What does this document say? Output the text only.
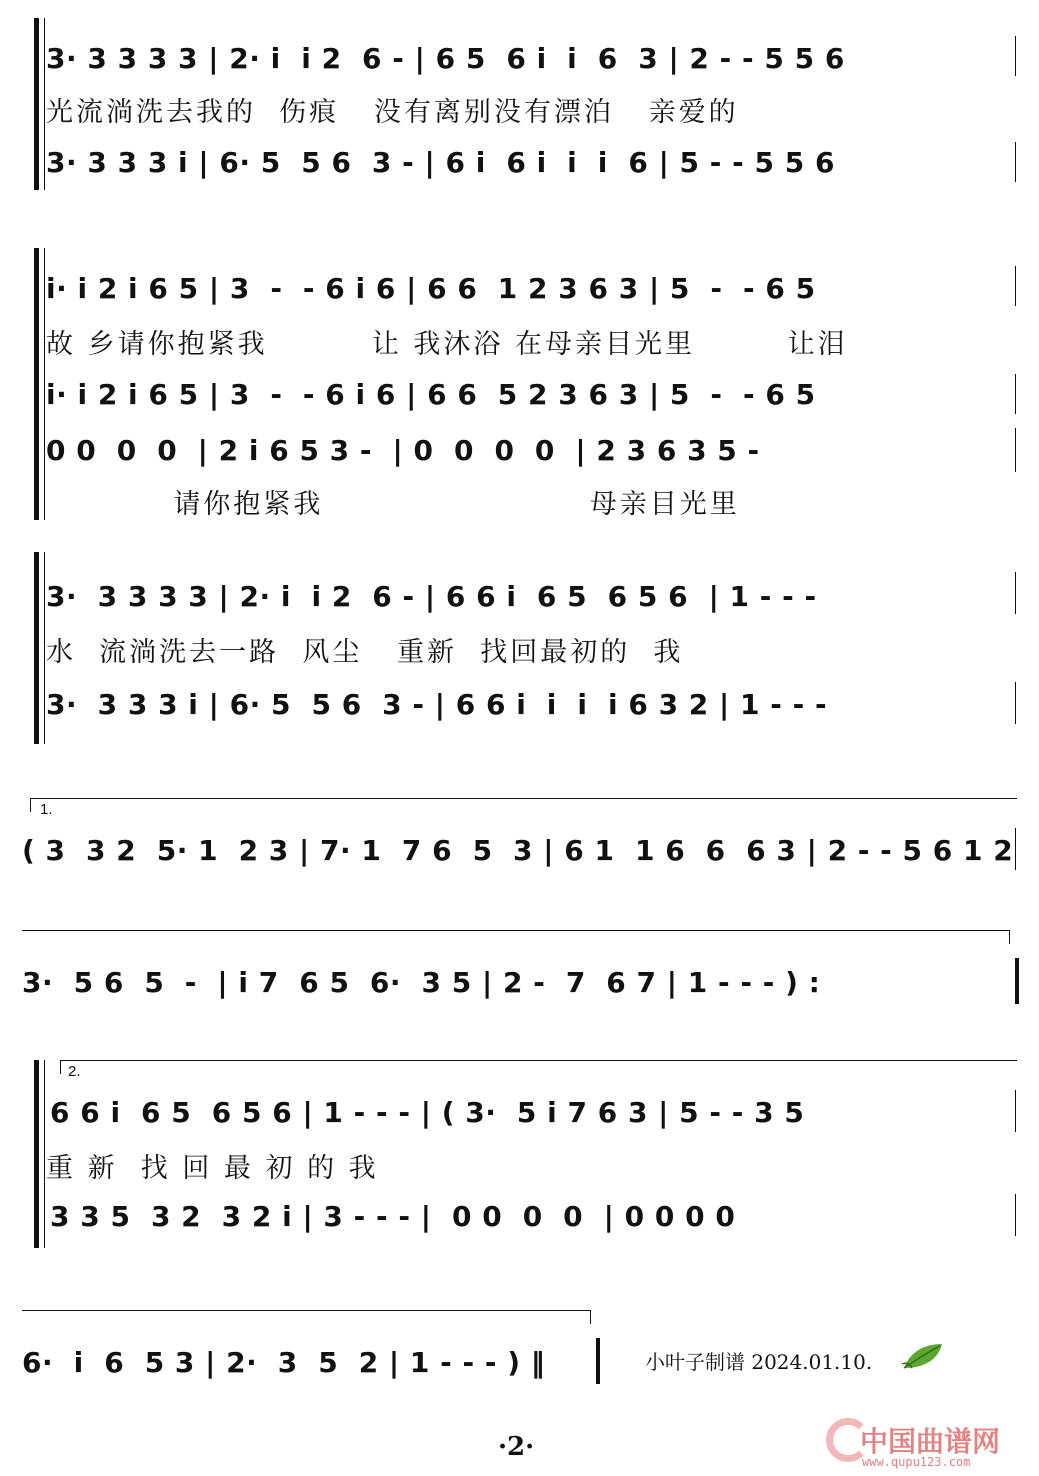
3· 3 3 3 3 | 2· i  i 2  6 - | 6 5  6 i  i  6  3 | 2 - - 5 5 6
光流淌洗去我的  伤痕   没有离别没有漂泊   亲爱的
3· 3 3 3 i | 6· 5  5 6  3 - | 6 i  6 i  i  i  6 | 5 - - 5 5 6
i· i 2 i 6 5 | 3  -  - 6 i 6 | 6 6  1 2 3 6 3 | 5  -  - 6 5
故 乡请你抱紧我         让 我沐浴 在母亲目光里        让泪
i· i 2 i 6 5 | 3  -  - 6 i 6 | 6 6  5 2 3 6 3 | 5  -  - 6 5
0 0  0  0  | 2 i 6 5 3 -  | 0  0  0  0  | 2 3 6 3 5 -
请你抱紧我                       母亲目光里
3·  3 3 3 3 | 2· i  i 2  6 - | 6 6 i  6 5  6 5 6  | 1 - - -
水  流淌洗去一路  风尘   重新  找回最初的  我
3·  3 3 3 i | 6· 5  5 6  3 - | 6 6 i  i  i  i 6 3 2 | 1 - - -
1.
( 3  3 2  5· 1  2 3 | 7· 1  7 6  5  3 | 6 1  1 6  6  6 3 | 2 - - 5 6 1 2
3·  5 6  5  -  | i 7  6 5  6·  3 5 | 2 -  7  6 7 | 1 - - - ) :
2.
6 6 i  6 5  6 5 6 | 1 - - - | ( 3·  5 i 7 6 3 | 5 - - 3 5
重 新  找 回 最 初 的 我
3 3 5  3 2  3 2 i | 3 - - - |  0 0  0  0  | 0 0 0 0
6·  i  6  5 3 | 2·  3  5  2 | 1 - - - ) ‖	小叶子制谱 2024.01.10.
·2·	中国曲谱网
www.qupu123.com
